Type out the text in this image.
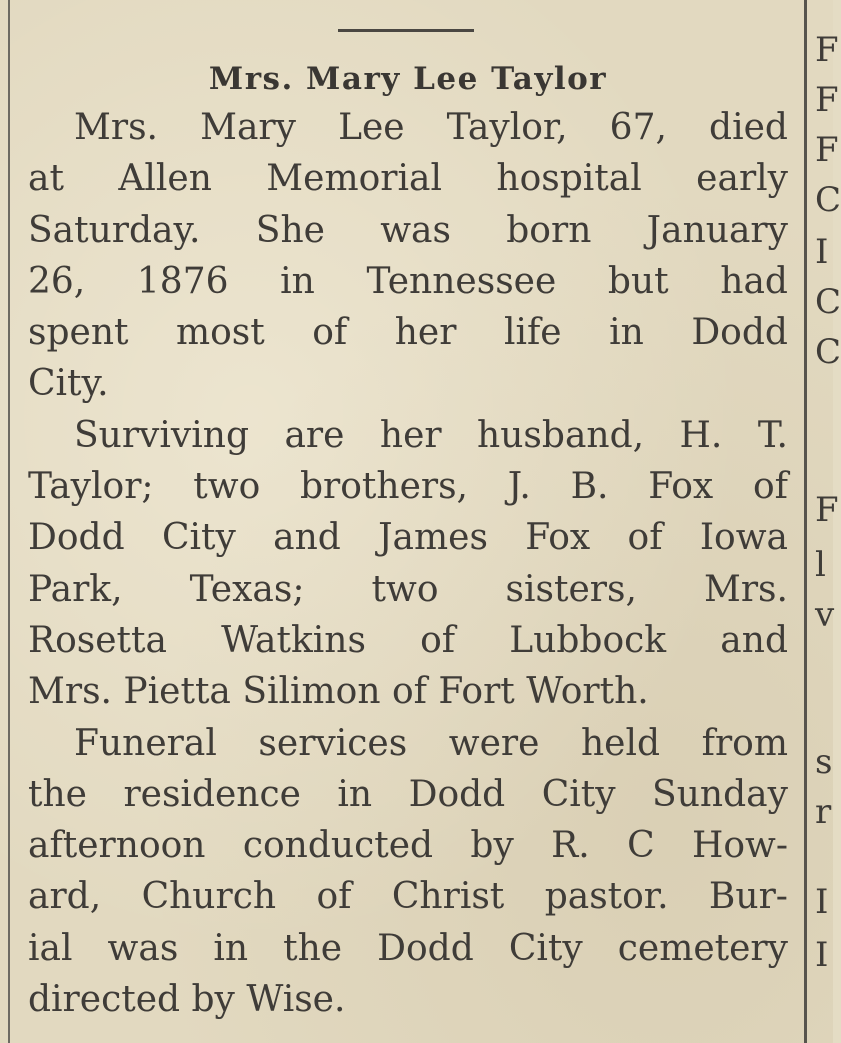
Mrs. Mary Lee Taylor
Mrs. Mary Lee Taylor, 67, died
at Allen Memorial hospital early
Saturday. She was born January
26, 1876 in Tennessee but had
spent most of her life in Dodd
City.
Surviving are her husband, H. T.
Taylor; two brothers, J. B. Fox of
Dodd City and James Fox of Iowa
Park, Texas; two sisters, Mrs.
Rosetta Watkins of Lubbock and
Mrs. Pietta Silimon of Fort Worth.
Funeral services were held from
the residence in Dodd City Sunday
afternoon conducted by R. C How-
ard, Church of Christ pastor. Bur-
ial was in the Dodd City cemetery
directed by Wise.
F
F
F
C
I
C
C
F
l
v
s
r
I
I
